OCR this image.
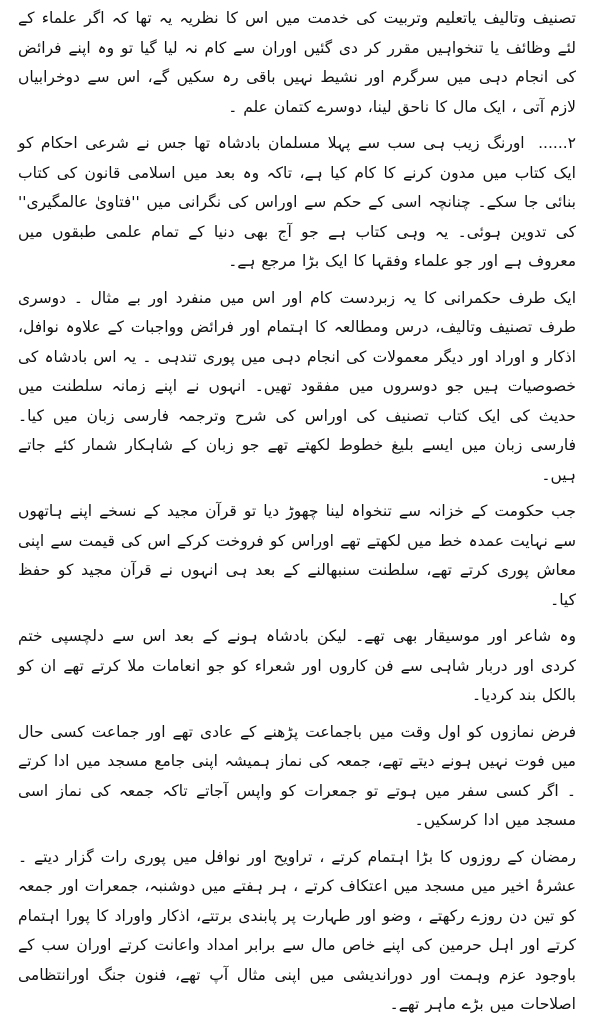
تصنیف وتالیف یاتعلیم وتربیت کی خدمت میں اس کا نظریہ یہ تھا کہ اگر علماء کے لئے وظائف یا تنخواہیں مقرر کر دی گئیں اوران سے کام نہ لیا گیا تو وہ اپنے فرائض کی انجام دہی میں سرگرم اور نشیط نہیں باقی رہ سکیں گے، اس سے دوخرابیاں لازم آتی ، ایک مال کا ناحق لینا، دوسرے کتمان علم ۔

٢...... اورنگ زیب ہی سب سے پہلا مسلمان بادشاہ تھا جس نے شرعی احکام کو ایک کتاب میں مدون کرنے کا کام کیا ہے، تاکہ وہ بعد میں اسلامی قانون کی کتاب بنائی جا سکے۔ چنانچہ اسی کے حکم سے اوراس کی نگرانی میں ''فتاویٰ عالمگیری'' کی تدوین ہوئی۔ یہ وہی کتاب ہے جو آج بھی دنیا کے تمام علمی طبقوں میں معروف ہے اور جو علماء وفقہا کا ایک بڑا مرجع ہے۔

ایک طرف حکمرانی کا یہ زبردست کام اور اس میں منفرد اور بے مثال ۔ دوسری طرف تصنیف وتالیف، درس ومطالعہ کا اہتمام اور فرائض وواجبات کے علاوہ نوافل، اذکار و اوراد اور دیگر معمولات کی انجام دہی میں پوری تندہی ۔ یہ اس بادشاہ کی خصوصیات ہیں جو دوسروں میں مفقود تھیں۔ انہوں نے اپنے زمانہ سلطنت میں حدیث کی ایک کتاب تصنیف کی اوراس کی شرح وترجمہ فارسی زبان میں کیا۔ فارسی زبان میں ایسے بلیغ خطوط لکھتے تھے جو زبان کے شاہکار شمار کئے جاتے ہیں۔

جب حکومت کے خزانہ سے تنخواہ لینا چھوڑ دیا تو قرآن مجید کے نسخے اپنے ہاتھوں سے نہایت عمدہ خط میں لکھتے تھے اوراس کو فروخت کرکے اس کی قیمت سے اپنی معاش پوری کرتے تھے، سلطنت سنبھالنے کے بعد ہی انہوں نے قرآن مجید کو حفظ کیا۔

وہ شاعر اور موسیقار بھی تھے۔ لیکن بادشاہ ہونے کے بعد اس سے دلچسپی ختم کردی اور دربار شاہی سے فن کاروں اور شعراء کو جو انعامات ملا کرتے تھے ان کو بالکل بند کردیا۔

فرض نمازوں کو اول وقت میں باجماعت پڑھنے کے عادی تھے اور جماعت کسی حال میں فوت نہیں ہونے دیتے تھے، جمعہ کی نماز ہمیشہ اپنی جامع مسجد میں ادا کرتے ۔ اگر کسی سفر میں ہوتے تو جمعرات کو واپس آجاتے تاکہ جمعہ کی نماز اسی مسجد میں ادا کرسکیں۔

رمضان کے روزوں کا بڑا اہتمام کرتے ، تراویح اور نوافل میں پوری رات گزار دیتے ۔ عشرۂ اخیر میں مسجد میں اعتکاف کرتے ، ہر ہفتے میں دوشنبہ، جمعرات اور جمعہ کو تین دن روزے رکھتے ، وضو اور طہارت پر پابندی برتتے، اذکار واوراد کا پورا اہتمام کرتے اور اہل حرمین کی اپنے خاص مال سے برابر امداد واعانت کرتے اوران سب کے باوجود عزم وہمت اور دوراندیشی میں اپنی مثال آپ تھے، فنون جنگ اورانتظامی اصلاحات میں بڑے ماہر تھے۔
